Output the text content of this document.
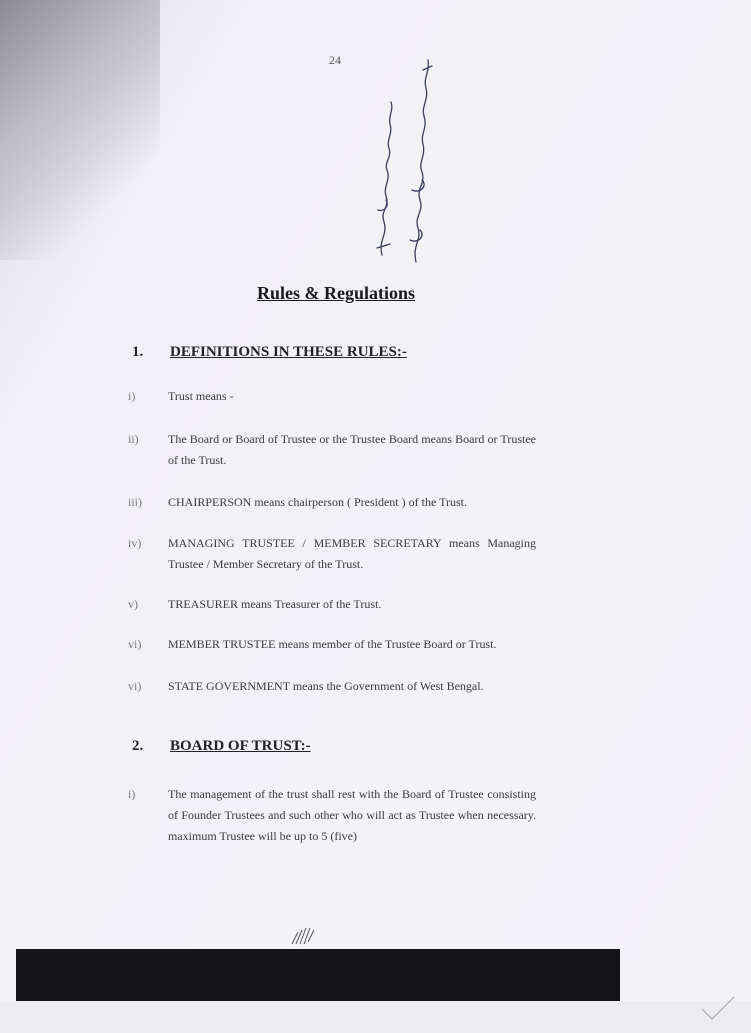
24
Rules & Regulations
1. DEFINITIONS IN THESE RULES:-
i)	Trust means -
ii)	The Board or Board of Trustee or the Trustee Board means Board or Trustee of the Trust.
iii)	CHAIRPERSON means chairperson ( President ) of the Trust.
iv)	MANAGING TRUSTEE / MEMBER SECRETARY means Managing Trustee / Member Secretary of the Trust.
v)	TREASURER means Treasurer of the Trust.
vi)	MEMBER TRUSTEE means member of the Trustee Board or Trust.
vi)	STATE GOVERNMENT means the Government of West Bengal.
2. BOARD OF TRUST:-
i)	The management of the trust shall rest with the Board of Trustee consisting of Founder Trustees and such other who will act as Trustee when necessary. maximum Trustee will be up to 5 (five)
